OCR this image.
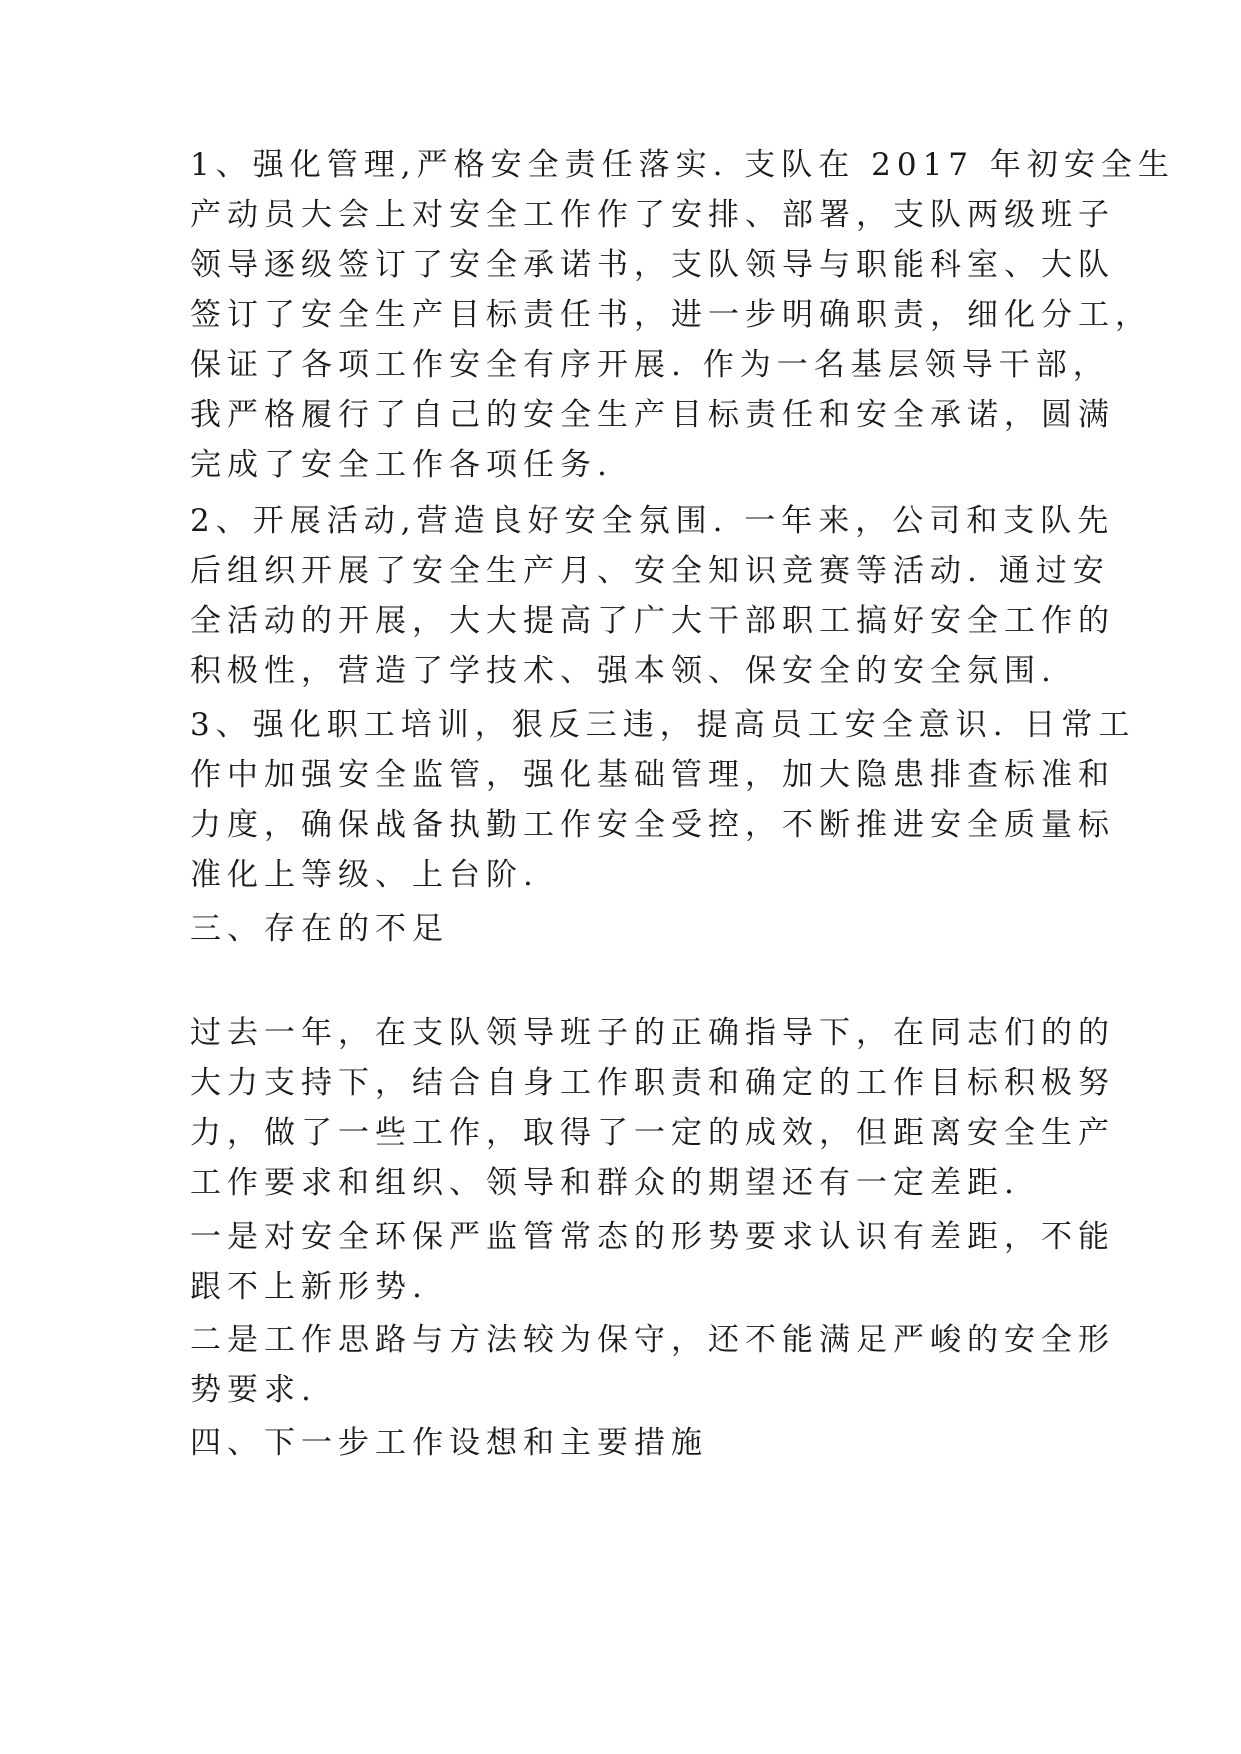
1、强化管理,严格安全责任落实. 支队在 2017 年初安全生
产动员大会上对安全工作作了安排、部署，支队两级班子
领导逐级签订了安全承诺书，支队领导与职能科室、大队
签订了安全生产目标责任书，进一步明确职责，细化分工，
保证了各项工作安全有序开展. 作为一名基层领导干部，
我严格履行了自己的安全生产目标责任和安全承诺，圆满
完成了安全工作各项任务.

2、开展活动,营造良好安全氛围. 一年来，公司和支队先
后组织开展了安全生产月、安全知识竞赛等活动. 通过安
全活动的开展，大大提高了广大干部职工搞好安全工作的
积极性，营造了学技术、强本领、保安全的安全氛围.

3、强化职工培训，狠反三违，提高员工安全意识. 日常工
作中加强安全监管，强化基础管理，加大隐患排查标准和
力度，确保战备执勤工作安全受控，不断推进安全质量标
准化上等级、上台阶.

三、存在的不足

过去一年，在支队领导班子的正确指导下，在同志们的的
大力支持下，结合自身工作职责和确定的工作目标积极努
力，做了一些工作，取得了一定的成效，但距离安全生产
工作要求和组织、领导和群众的期望还有一定差距.

一是对安全环保严监管常态的形势要求认识有差距，不能
跟不上新形势.

二是工作思路与方法较为保守，还不能满足严峻的安全形
势要求.

四、下一步工作设想和主要措施
